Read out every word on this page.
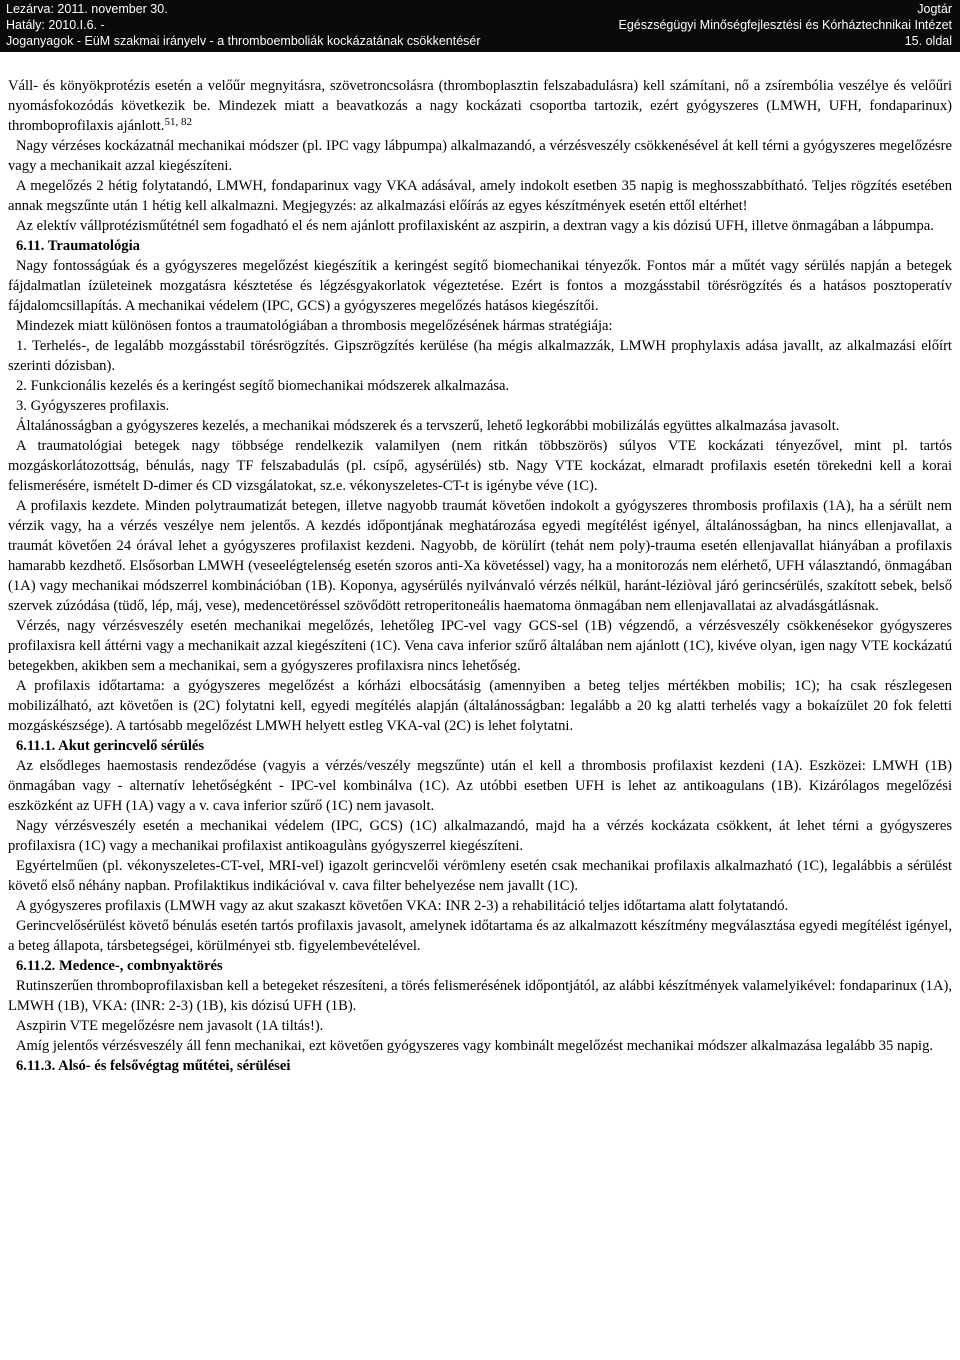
Lezárva: 2011. november 30.
Hatály: 2010.I.6. -
Joganyagok - EüM szakmai irányelv - a thromboemboliák kockázatának csökkentésér
Jogtár
Egészségügyi Minőségfejlesztési és Kórháztechnikai Intézet
15. oldal

Váll- és könyökprotézis esetén a velőűr megnyitásra, szövetroncsolásra (thromboplasztin felszabadulásra) kell számítani, nő a zsírembólia veszélye és velőűri nyomásfokozódás következik be. Mindezek miatt a beavatkozás a nagy kockázati csoportba tartozik, ezért gyógyszeres (LMWH, UFH, fondaparinux) thromboprofilaxis ajánlott.$^{51, 82}$

Nagy vérzéses kockázatnál mechanikai módszer (pl. IPC vagy lábpumpa) alkalmazandó, a vérzésveszély csökkenésével át kell térni a gyógyszeres megelőzésre vagy a mechanikait azzal kiegészíteni.

A megelőzés 2 hétig folytatandó, LMWH, fondaparinux vagy VKA adásával, amely indokolt esetben 35 napig is meghosszabbítható. Teljes rögzítés esetében annak megszűnte után 1 hétig kell alkalmazni. Megjegyzés: az alkalmazási előírás az egyes készítmények esetén ettől eltérhet!

Az elektív vállprotézisműtétnél sem fogadható el és nem ajánlott profilaxisként az aszpirin, a dextran vagy a kis dózisú UFH, illetve önmagában a lábpumpa.

6.11. Traumatológia

Nagy fontosságúak és a gyógyszeres megelőzést kiegészítik a keringést segítő biomechanikai tényezők. Fontos már a műtét vagy sérülés napján a betegek fájdalmatlan ízületeinek mozgatásra késztetése és légzésgyakorlatok végeztetése. Ezért is fontos a mozgásstabil törésrögzítés és a hatásos posztoperatív fájdalomcsillapítás. A mechanikai védelem (IPC, GCS) a gyógyszeres megelőzés hatásos kiegészítői.

Mindezek miatt különösen fontos a traumatológiában a thrombosis megelőzésének hármas stratégiája:

1. Terhelés-, de legalább mozgásstabil törésrögzítés. Gipszrögzítés kerülése (ha mégis alkalmazzák, LMWH prophylaxis adása javallt, az alkalmazási előírt szerinti dózisban).

2. Funkcionális kezelés és a keringést segítő biomechanikai módszerek alkalmazása.

3. Gyógyszeres profilaxis.

Általánosságban a gyógyszeres kezelés, a mechanikai módszerek és a tervszerű, lehető legkorábbi mobilizálás együttes alkalmazása javasolt.

A traumatológiai betegek nagy többsége rendelkezik valamilyen (nem ritkán többszörös) súlyos VTE kockázati tényezővel, mint pl. tartós mozgáskorlátozottság, bénulás, nagy TF felszabadulás (pl. csípő, agysérülés) stb. Nagy VTE kockázat, elmaradt profilaxis esetén törekedni kell a korai felismerésére, ismételt D-dimer és CD vizsgálatokat, sz.e. vékonyszeletes-CT-t is igénybe véve (1C).

A profilaxis kezdete. Minden polytraumatizát betegen, illetve nagyobb traumát követően indokolt a gyógyszeres thrombosis profilaxis (1A), ha a sérült nem vérzik vagy, ha a vérzés veszélye nem jelentős. A kezdés időpontjának meghatározása egyedi megítélést igényel, általánosságban, ha nincs ellenjavallat, a traumát követően 24 órával lehet a gyógyszeres profilaxist kezdeni. Nagyobb, de körülírt (tehát nem poly)-trauma esetén ellenjavallat hiányában a profilaxis hamarabb kezdhető. Elsősorban LMWH (veseelégtelenség esetén szoros anti-Xa követéssel) vagy, ha a monitorozás nem elérhető, UFH választandó, önmagában (1A) vagy mechanikai módszerrel kombinációban (1B). Koponya, agysérülés nyilvánvaló vérzés nélkül, haránt-léziòval járó gerincsérülés, szakított sebek, belső szervek zúzódása (tüdő, lép, máj, vese), medencetöréssel szövődött retroperitoneális haematoma önmagában nem ellenjavallatai az alvadásgátlásnak.

Vérzés, nagy vérzésveszély esetén mechanikai megelőzés, lehetőleg IPC-vel vagy GCS-sel (1B) végzendő, a vérzésveszély csökkenésekor gyógyszeres profilaxisra kell áttérni vagy a mechanikait azzal kiegészíteni (1C). Vena cava inferior szűrő általában nem ajánlott (1C), kivéve olyan, igen nagy VTE kockázatú betegekben, akikben sem a mechanikai, sem a gyógyszeres profilaxisra nincs lehetőség.

A profilaxis időtartama: a gyógyszeres megelőzést a kórházi elbocsátásig (amennyiben a beteg teljes mértékben mobilis; 1C); ha csak részlegesen mobilizálható, azt követően is (2C) folytatni kell, egyedi megítélés alapján (általánosságban: legalább a 20 kg alatti terhelés vagy a bokaízület 20 fok feletti mozgáskészsége). A tartósabb megelőzést LMWH helyett estleg VKA-val (2C) is lehet folytatni.

6.11.1. Akut gerincvelő sérülés

Az elsődleges haemostasis rendeződése (vagyis a vérzés/veszély megszűnte) után el kell a thrombosis profilaxist kezdeni (1A). Eszközei: LMWH (1B) önmagában vagy - alternatív lehetőségként - IPC-vel kombinálva (1C). Az utóbbi esetben UFH is lehet az antikoagulans (1B). Kizárólagos megelőzési eszközként az UFH (1A) vagy a v. cava inferior szűrő (1C) nem javasolt.

Nagy vérzésveszély esetén a mechanikai védelem (IPC, GCS) (1C) alkalmazandó, majd ha a vérzés kockázata csökkent, át lehet térni a gyógyszeres profilaxisra (1C) vagy a mechanikai profilaxist antikoagulàns gyógyszerrel kiegészíteni.

Egyértelműen (pl. vékonyszeletes-CT-vel, MRI-vel) igazolt gerincvelői vérömleny esetén csak mechanikai profilaxis alkalmazható (1C), legalábbis a sérülést követő első néhány napban. Profilaktikus indikációval v. cava filter behelyezése nem javallt (1C).

A gyógyszeres profilaxis (LMWH vagy az akut szakaszt követően VKA: INR 2-3) a rehabilitáció teljes időtartama alatt folytatandó.

Gerincvelősérülést követő bénulás esetén tartós profilaxis javasolt, amelynek időtartama és az alkalmazott készítmény megválasztása egyedi megítélést igényel, a beteg állapota, társbetegségei, körülményei stb. figyelembevételével.

6.11.2. Medence-, combnyaktörés

Rutinszerűen thromboprofilaxisban kell a betegeket részesíteni, a törés felismerésének időpontjától, az alábbi készítmények valamelyikével: fondaparinux (1A), LMWH (1B), VKA: (INR: 2-3) (1B), kis dózisú UFH (1B).

Aszpirin VTE megelőzésre nem javasolt (1A tiltás!).

Amíg jelentős vérzésveszély áll fenn mechanikai, ezt követően gyógyszeres vagy kombinált megelőzést mechanikai módszer alkalmazása legalább 35 napig.

6.11.3. Alsó- és felsővégtag műtétei, sérülései
